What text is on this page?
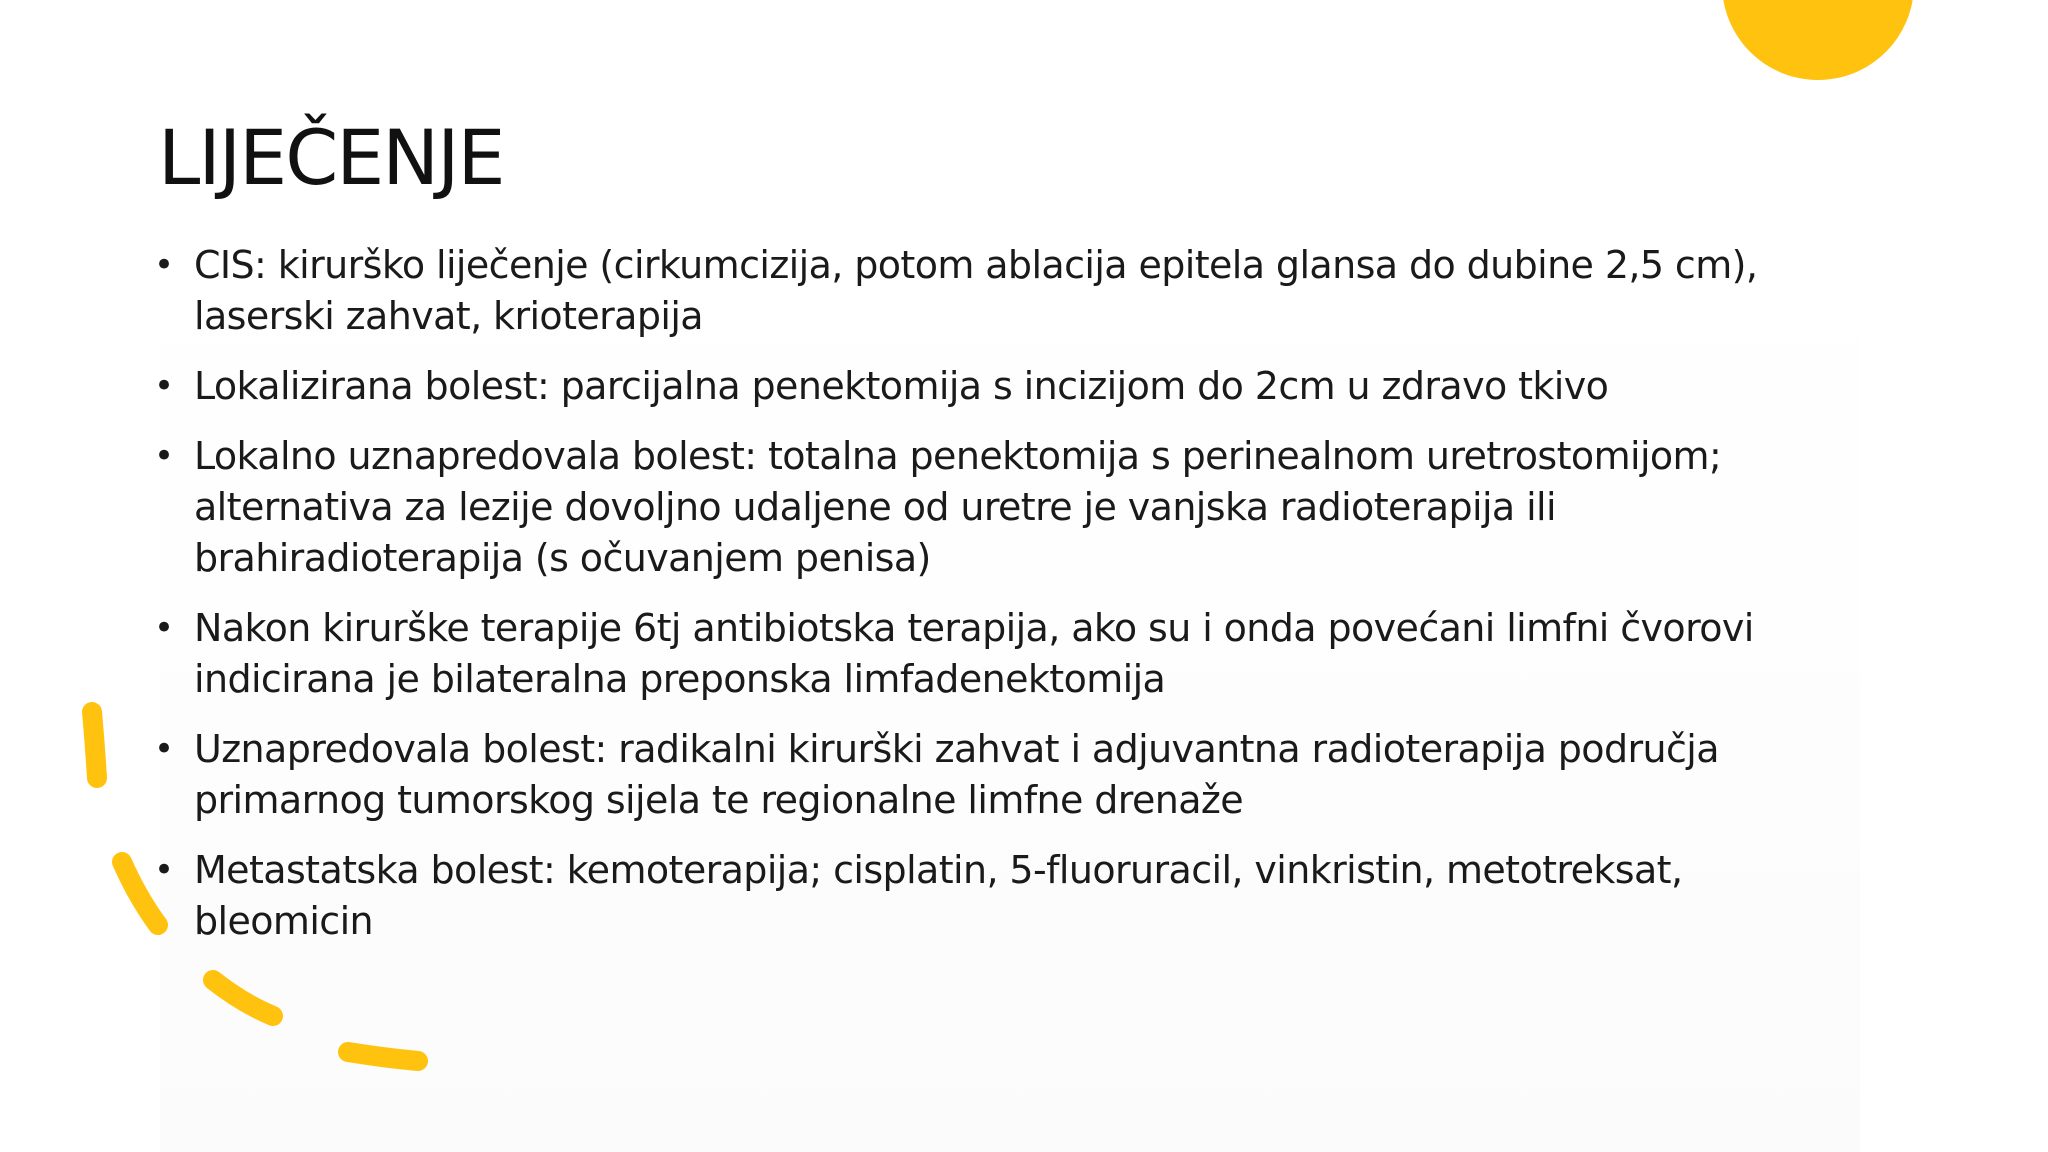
LIJEČENJE
• CIS: kirurško liječenje (cirkumcizija, potom ablacija epitela glansa do dubine 2,5 cm), laserski zahvat, krioterapija
• Lokalizirana bolest: parcijalna penektomija s incizijom do 2cm u zdravo tkivo
• Lokalno uznapredovala bolest: totalna penektomija s perinealnom uretrostomijom; alternativa za lezije dovoljno udaljene od uretre je vanjska radioterapija ili brahiradioterapija (s očuvanjem penisa)
• Nakon kirurške terapije 6tj antibiotska terapija, ako su i onda povećani limfni čvorovi indicirana je bilateralna preponska limfadenektomija
• Uznapredovala bolest: radikalni kirurški zahvat i adjuvantna radioterapija područja primarnog tumorskog sijela te regionalne limfne drenaže
• Metastatska bolest: kemoterapija; cisplatin, 5-fluoruracil, vinkristin, metotreksat, bleomicin
